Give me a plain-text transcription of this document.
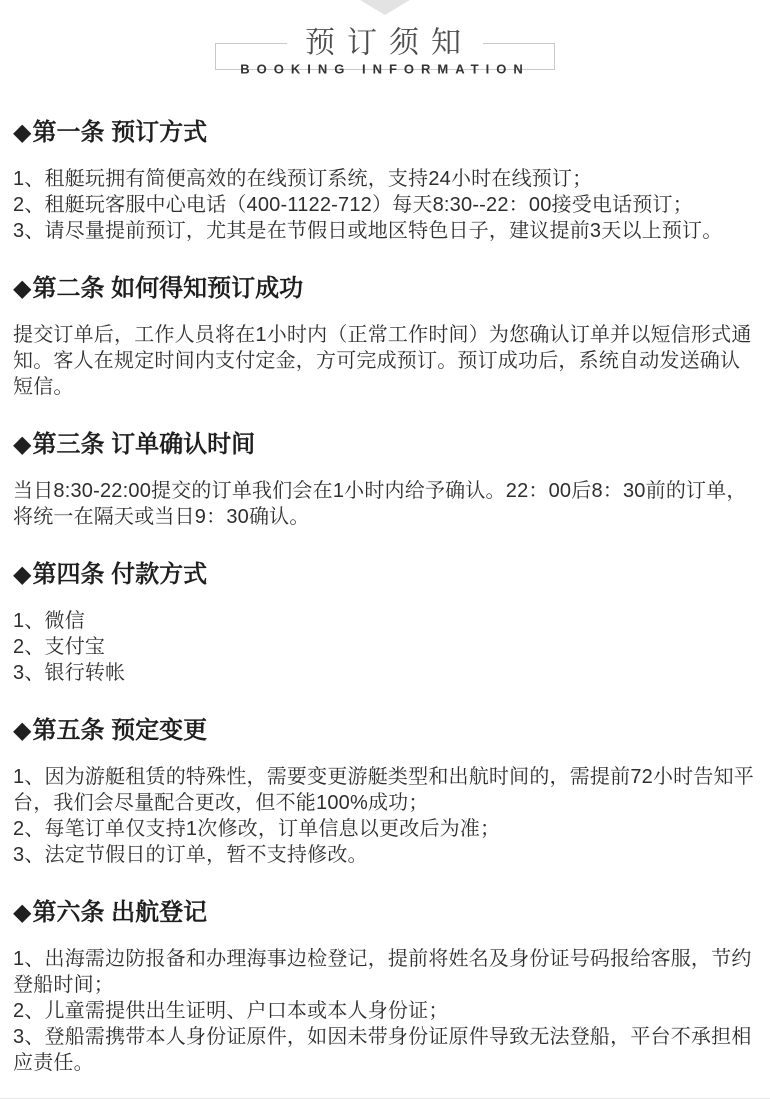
预订须知
BOOKING INFORMATION
◆ 第一条 预订方式
1、租艇玩拥有简便高效的在线预订系统，支持24小时在线预订；
2、租艇玩客服中心电话（400-1122-712）每天8:30--22：00接受电话预订；
3、请尽量提前预订，尤其是在节假日或地区特色日子，建议提前3天以上预订。
◆ 第二条 如何得知预订成功
提交订单后，工作人员将在1小时内（正常工作时间）为您确认订单并以短信形式通知。客人在规定时间内支付定金，方可完成预订。预订成功后，系统自动发送确认短信。
◆ 第三条 订单确认时间
当日8:30-22:00提交的订单我们会在1小时内给予确认。22：00后8：30前的订单，将统一在隔天或当日9：30确认。
◆ 第四条 付款方式
1、微信
2、支付宝
3、银行转帐
◆ 第五条 预定变更
1、因为游艇租赁的特殊性，需要变更游艇类型和出航时间的，需提前72小时告知平台，我们会尽量配合更改，但不能100%成功；
2、每笔订单仅支持1次修改，订单信息以更改后为准；
3、法定节假日的订单，暂不支持修改。
◆ 第六条 出航登记
1、出海需边防报备和办理海事边检登记，提前将姓名及身份证号码报给客服，节约登船时间；
2、儿童需提供出生证明、户口本或本人身份证；
3、登船需携带本人身份证原件，如因未带身份证原件导致无法登船，平台不承担相应责任。
